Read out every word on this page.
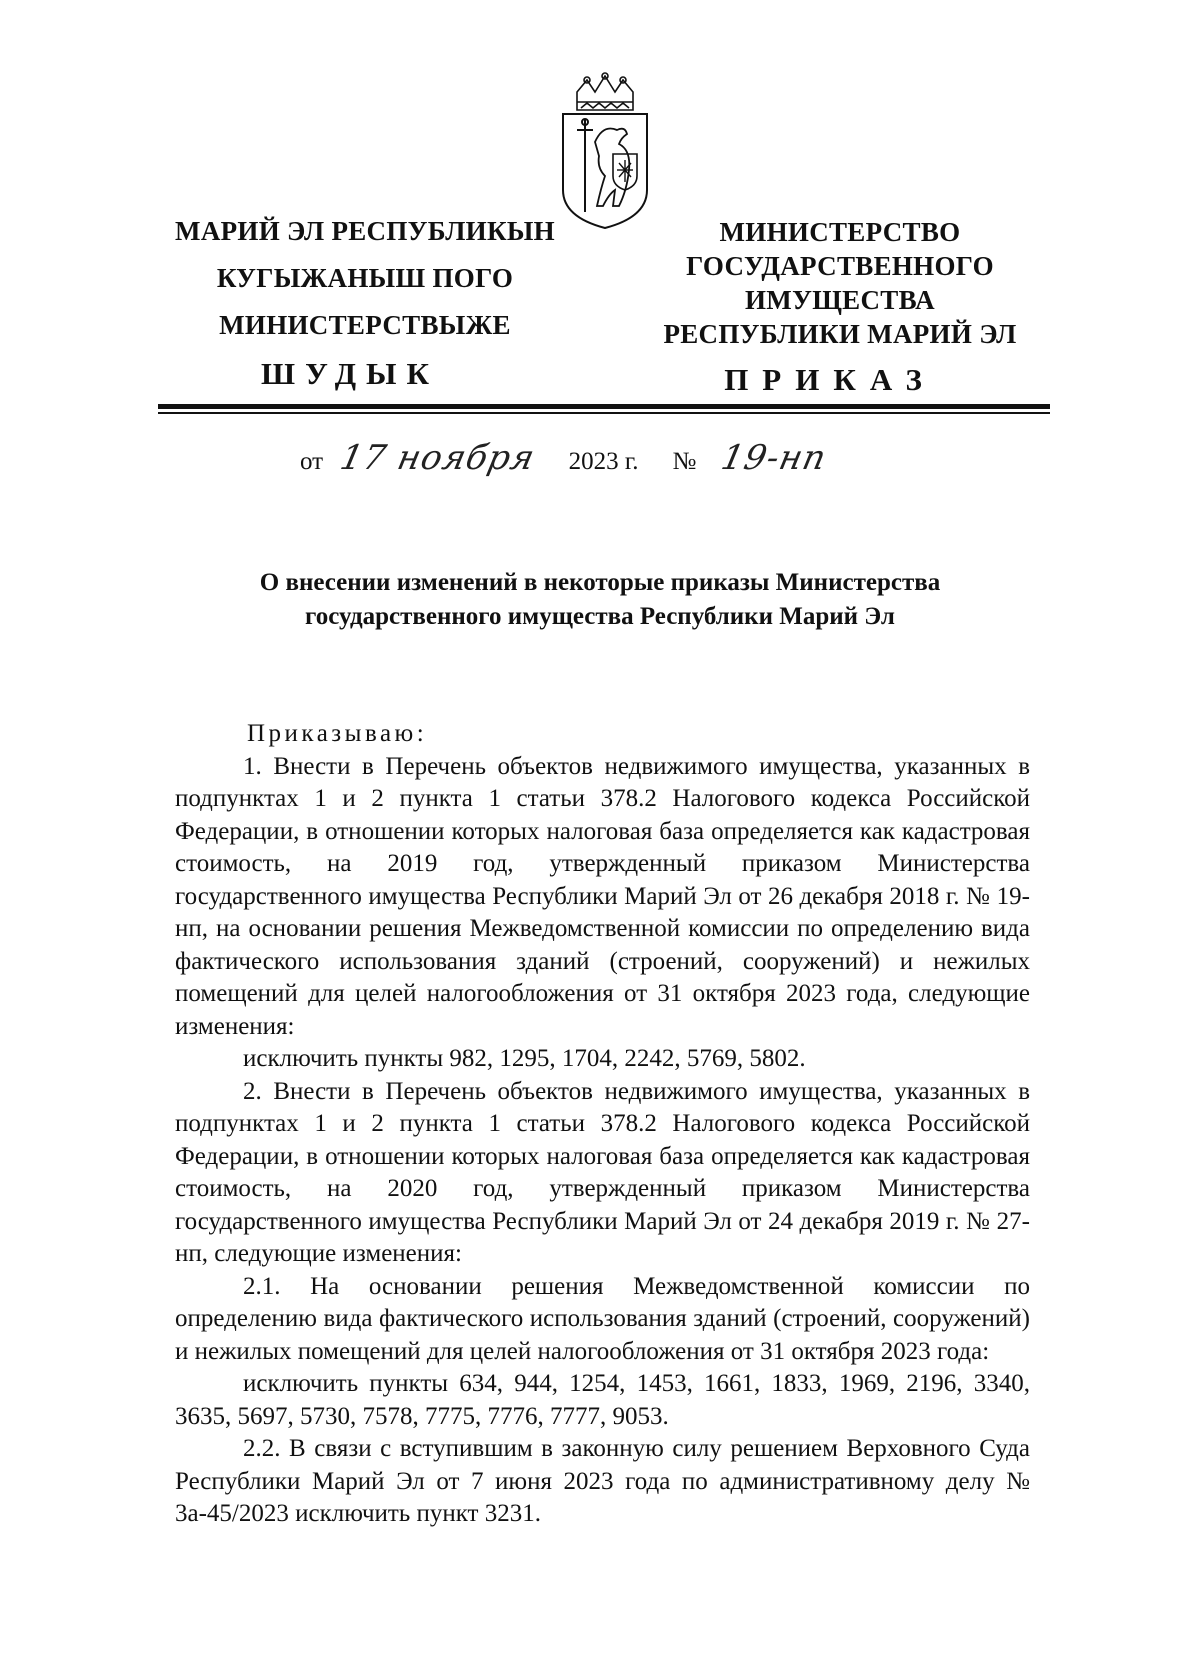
МАРИЙ ЭЛ РЕСПУБЛИКЫН
КУГЫЖАНЫШ ПОГО
МИНИСТЕРСТВЫЖЕ
МИНИСТЕРСТВО
ГОСУДАРСТВЕННОГО
ИМУЩЕСТВА
РЕСПУБЛИКИ МАРИЙ ЭЛ
ШУДЫК	ПРИКАЗ
от 17 ноября 2023 г. № 19-нп
О внесении изменений в некоторые приказы Министерства
государственного имущества Республики Марий Эл

Приказываю:

1. Внести в Перечень объектов недвижимого имущества, указанных в подпунктах 1 и 2 пункта 1 статьи 378.2 Налогового кодекса Российской Федерации, в отношении которых налоговая база определяется как кадастровая стоимость, на 2019 год, утвержденный приказом Министерства государственного имущества Республики Марий Эл от 26 декабря 2018 г. № 19-нп, на основании решения Межведомственной комиссии по определению вида фактического использования зданий (строений, сооружений) и нежилых помещений для целей налогообложения от 31 октября 2023 года, следующие изменения:

исключить пункты 982, 1295, 1704, 2242, 5769, 5802.

2. Внести в Перечень объектов недвижимого имущества, указанных в подпунктах 1 и 2 пункта 1 статьи 378.2 Налогового кодекса Российской Федерации, в отношении которых налоговая база определяется как кадастровая стоимость, на 2020 год, утвержденный приказом Министерства государственного имущества Республики Марий Эл от 24 декабря 2019 г. № 27-нп, следующие изменения:

2.1. На основании решения Межведомственной комиссии по определению вида фактического использования зданий (строений, сооружений) и нежилых помещений для целей налогообложения от 31 октября 2023 года:

исключить пункты 634, 944, 1254, 1453, 1661, 1833, 1969, 2196, 3340, 3635, 5697, 5730, 7578, 7775, 7776, 7777, 9053.

2.2. В связи с вступившим в законную силу решением Верховного Суда Республики Марий Эл от 7 июня 2023 года по административному делу № 3а-45/2023 исключить пункт 3231.
